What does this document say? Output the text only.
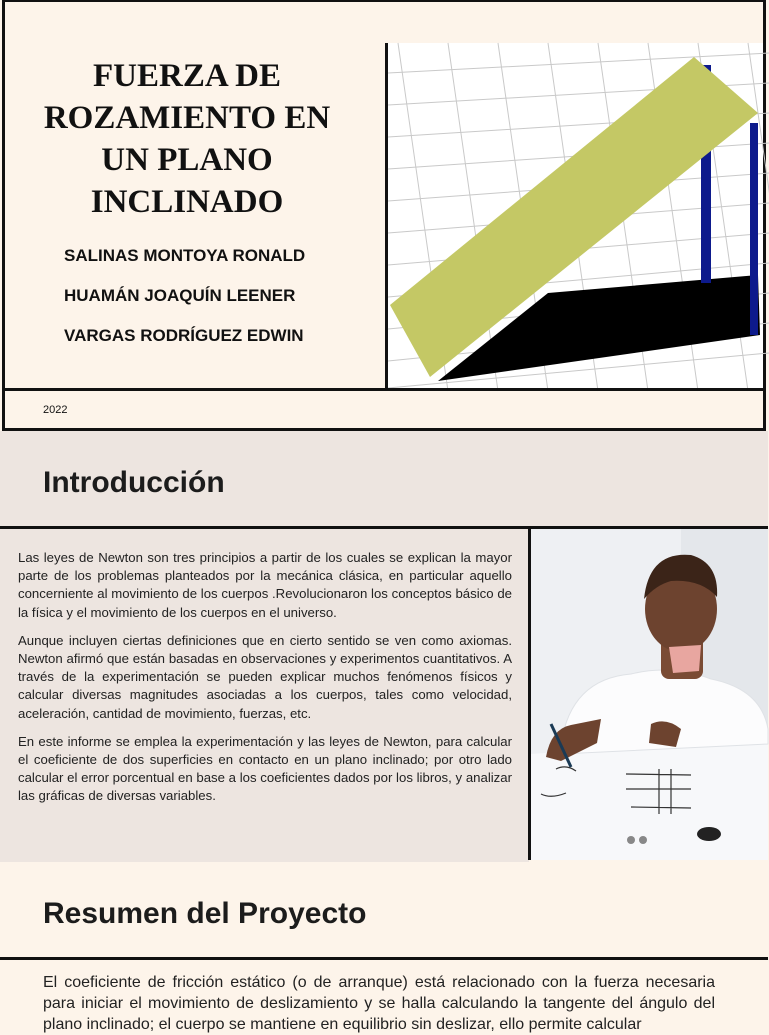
FUERZA DE ROZAMIENTO EN UN PLANO INCLINADO
SALINAS MONTOYA RONALD
HUAMÁN JOAQUÍN LEENER
VARGAS RODRÍGUEZ EDWIN
2022
Introducción

Las leyes de Newton son tres principios a partir de los cuales se explican la mayor parte de los problemas planteados por la mecánica clásica, en particular aquello concerniente al movimiento de los cuerpos .Revolucionaron los conceptos básico de la física y el movimiento de los cuerpos en el universo.

Aunque incluyen ciertas definiciones que en cierto sentido se ven como axiomas. Newton afirmó que están basadas en observaciones y experimentos cuantitativos. A través de la experimentación se pueden explicar muchos fenómenos físicos y calcular diversas magnitudes asociadas a los cuerpos, tales como velocidad, aceleración, cantidad de movimiento, fuerzas, etc.

En este informe se emplea la experimentación y las leyes de Newton, para calcular el coeficiente de dos superficies en contacto en un plano inclinado; por otro lado calcular el error porcentual en base a los coeficientes dados por los libros, y analizar las gráficas de diversas variables.

Resumen del Proyecto

El coeficiente de fricción estático (o de arranque) está relacionado con la fuerza necesaria para iniciar el movimiento de deslizamiento y se halla calculando la tangente del ángulo del plano inclinado; el cuerpo se mantiene en equilibrio sin deslizar, ello permite calcular
